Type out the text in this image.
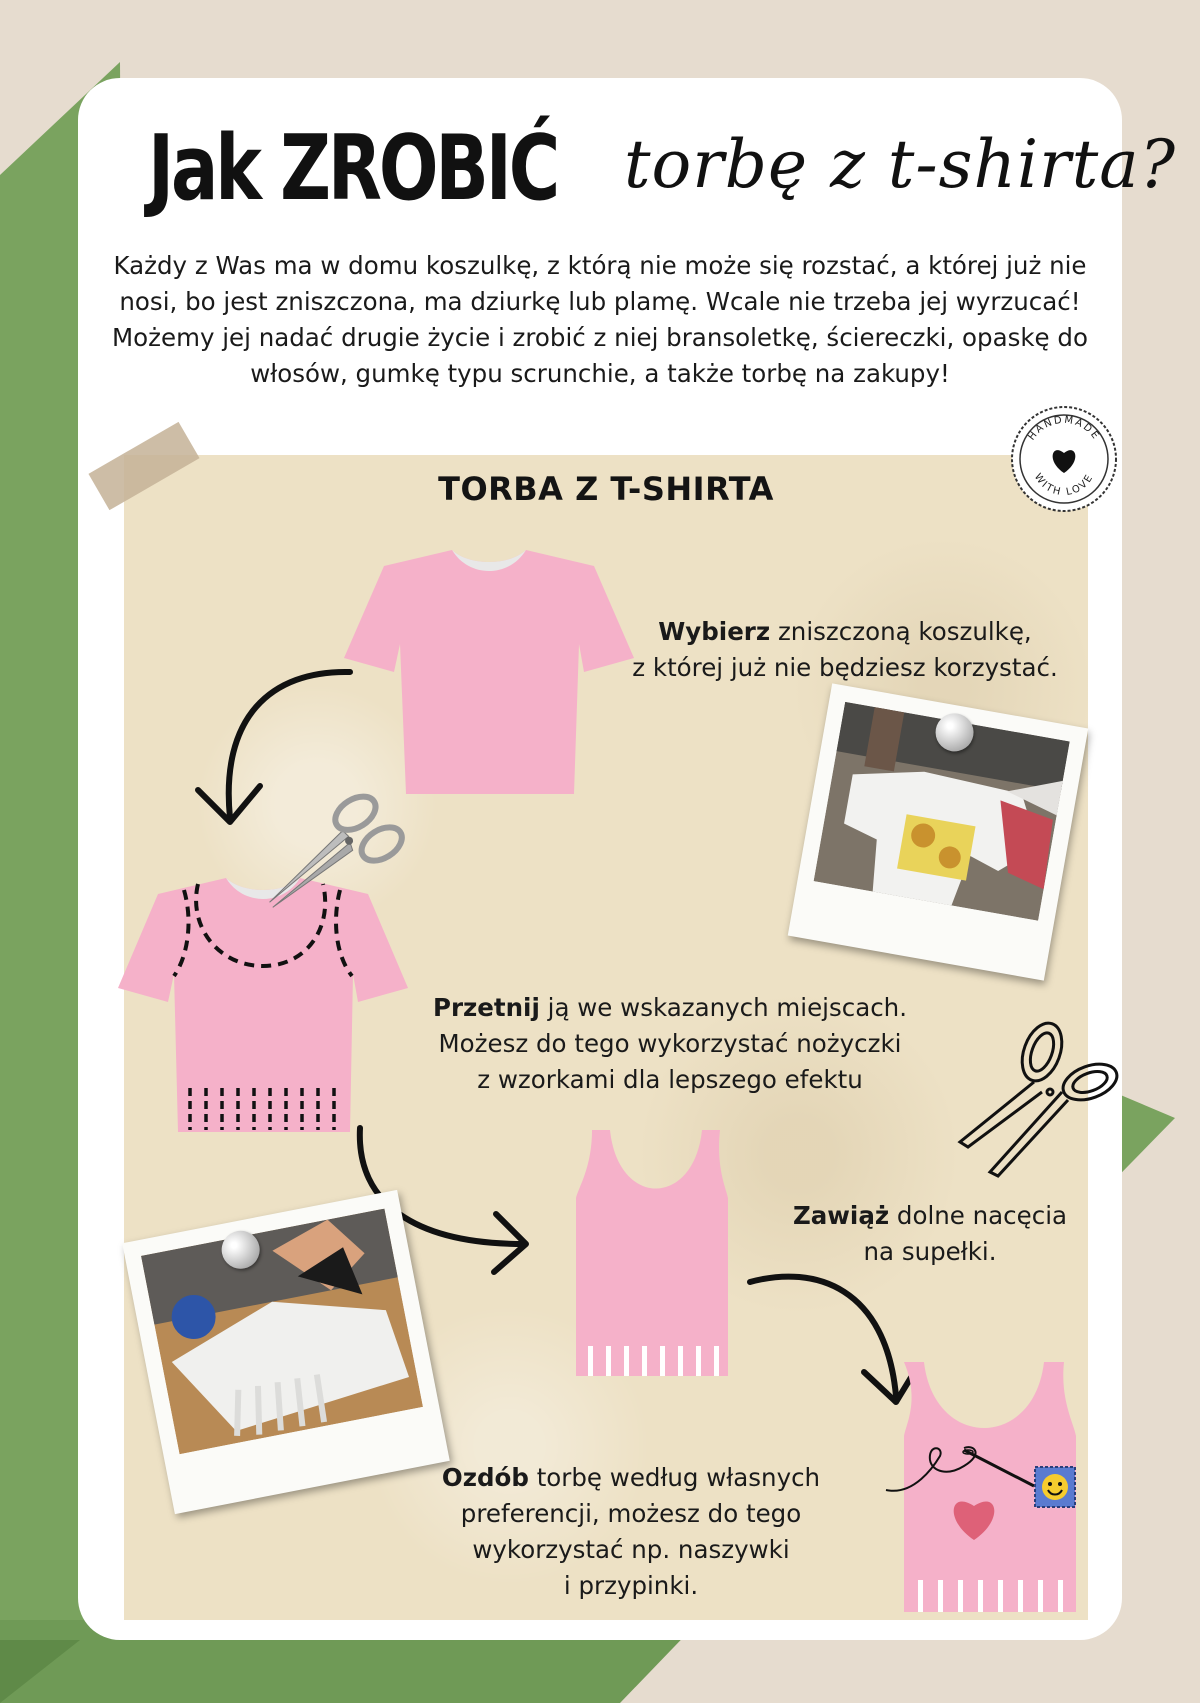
Jak ZROBIĆ torbę z t-shirta?
Każdy z Was ma w domu koszulkę, z którą nie może się rozstać, a której już nie nosi, bo jest zniszczona, ma dziurkę lub plamę. Wcale nie trzeba jej wyrzucać! Możemy jej nadać drugie życie i zrobić z niej bransoletkę, ściereczki, opaskę do włosów, gumkę typu scrunchie, a także torbę na zakupy!
HANDMADE
WITH LOVE
TORBA Z T-SHIRTA
Wybierz zniszczoną koszulkę,
z której już nie będziesz korzystać.
Przetnij ją we wskazanych miejscach.
Możesz do tego wykorzystać nożyczki
z wzorkami dla lepszego efektu
Zawiąż dolne nacęcia
na supełki.
Ozdób torbę według własnych
preferencji, możesz do tego
wykorzystać np. naszywki
i przypinki.
